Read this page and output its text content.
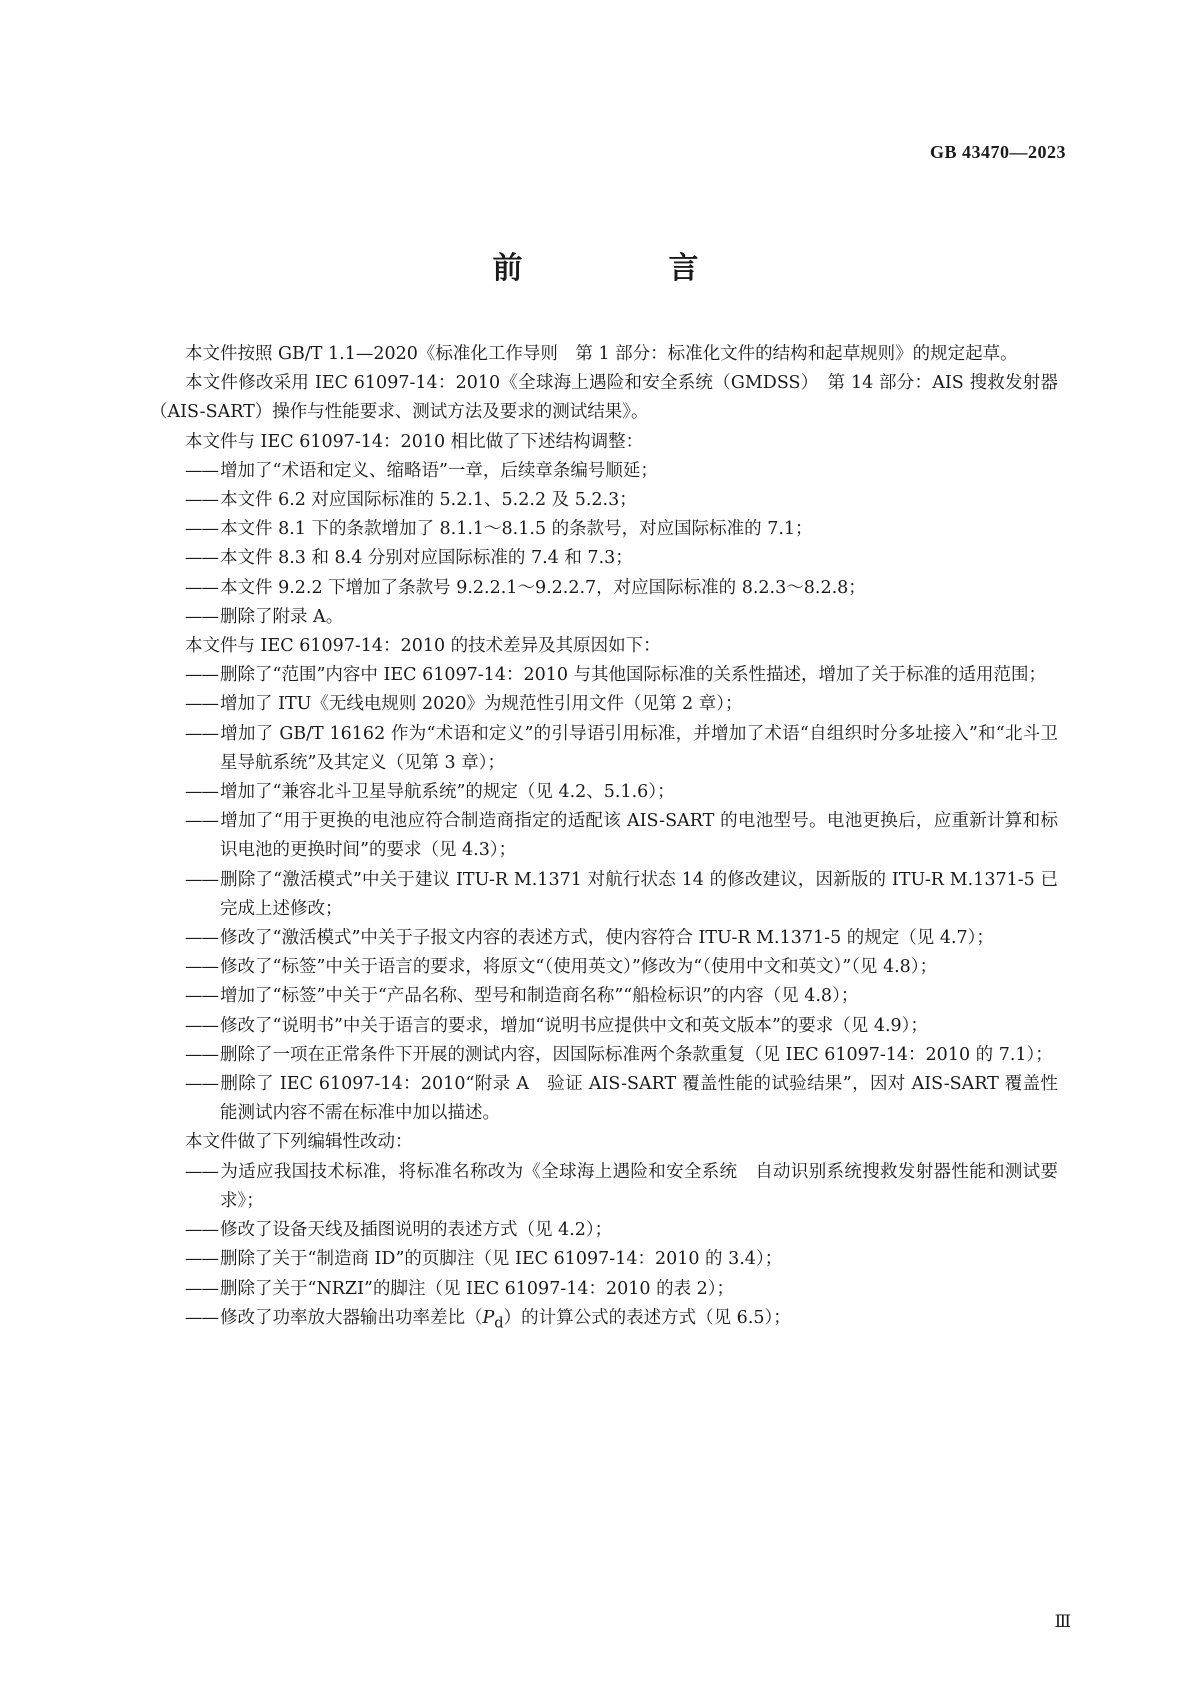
GB 43470—2023
前　言

本文件按照 GB/T 1.1—2020《标准化工作导则　第 1 部分：标准化文件的结构和起草规则》的规定起草。

本文件修改采用 IEC 61097-14：2010《全球海上遇险和安全系统（GMDSS）　第 14 部分：AIS 搜救发射器（AIS-SART）操作与性能要求、测试方法及要求的测试结果》。

本文件与 IEC 61097-14：2010 相比做了下述结构调整：

—— 增加了“术语和定义、缩略语”一章，后续章条编号顺延；

—— 本文件 6.2 对应国际标准的 5.2.1、5.2.2 及 5.2.3；

—— 本文件 8.1 下的条款增加了 8.1.1～8.1.5 的条款号，对应国际标准的 7.1；

—— 本文件 8.3 和 8.4 分别对应国际标准的 7.4 和 7.3；

—— 本文件 9.2.2 下增加了条款号 9.2.2.1～9.2.2.7，对应国际标准的 8.2.3～8.2.8；

—— 删除了附录 A。

本文件与 IEC 61097-14：2010 的技术差异及其原因如下：

—— 删除了“范围”内容中 IEC 61097-14：2010 与其他国际标准的关系性描述，增加了关于标准的适用范围；

—— 增加了 ITU《无线电规则 2020》为规范性引用文件（见第 2 章）；

—— 增加了 GB/T 16162 作为“术语和定义”的引导语引用标准，并增加了术语“自组织时分多址接入”和“北斗卫星导航系统”及其定义（见第 3 章）；

—— 增加了“兼容北斗卫星导航系统”的规定（见 4.2、5.1.6）；

—— 增加了“用于更换的电池应符合制造商指定的适配该 AIS-SART 的电池型号。电池更换后，应重新计算和标识电池的更换时间”的要求（见 4.3）；

—— 删除了“激活模式”中关于建议 ITU-R M.1371 对航行状态 14 的修改建议，因新版的 ITU-R M.1371-5 已完成上述修改；

—— 修改了“激活模式”中关于子报文内容的表述方式，使内容符合 ITU-R M.1371-5 的规定（见 4.7）；

—— 修改了“标签”中关于语言的要求，将原文“（使用英文）”修改为“（使用中文和英文）”（见 4.8）；

—— 增加了“标签”中关于“产品名称、型号和制造商名称”“船检标识”的内容（见 4.8）；

—— 修改了“说明书”中关于语言的要求，增加“说明书应提供中文和英文版本”的要求（见 4.9）；

—— 删除了一项在正常条件下开展的测试内容，因国际标准两个条款重复（见 IEC 61097-14：2010 的 7.1）；

—— 删除了 IEC 61097-14：2010“附录 A　验证 AIS-SART 覆盖性能的试验结果”，因对 AIS-SART 覆盖性能测试内容不需在标准中加以描述。

本文件做了下列编辑性改动：

—— 为适应我国技术标准，将标准名称改为《全球海上遇险和安全系统　自动识别系统搜救发射器性能和测试要求》；

—— 修改了设备天线及插图说明的表述方式（见 4.2）；

—— 删除了关于“制造商 ID”的页脚注（见 IEC 61097-14：2010 的 3.4）；

—— 删除了关于“NRZI”的脚注（见 IEC 61097-14：2010 的表 2）；

—— 修改了功率放大器输出功率差比$(P_d)$的计算公式的表述方式（见 6.5）；

Ⅲ
